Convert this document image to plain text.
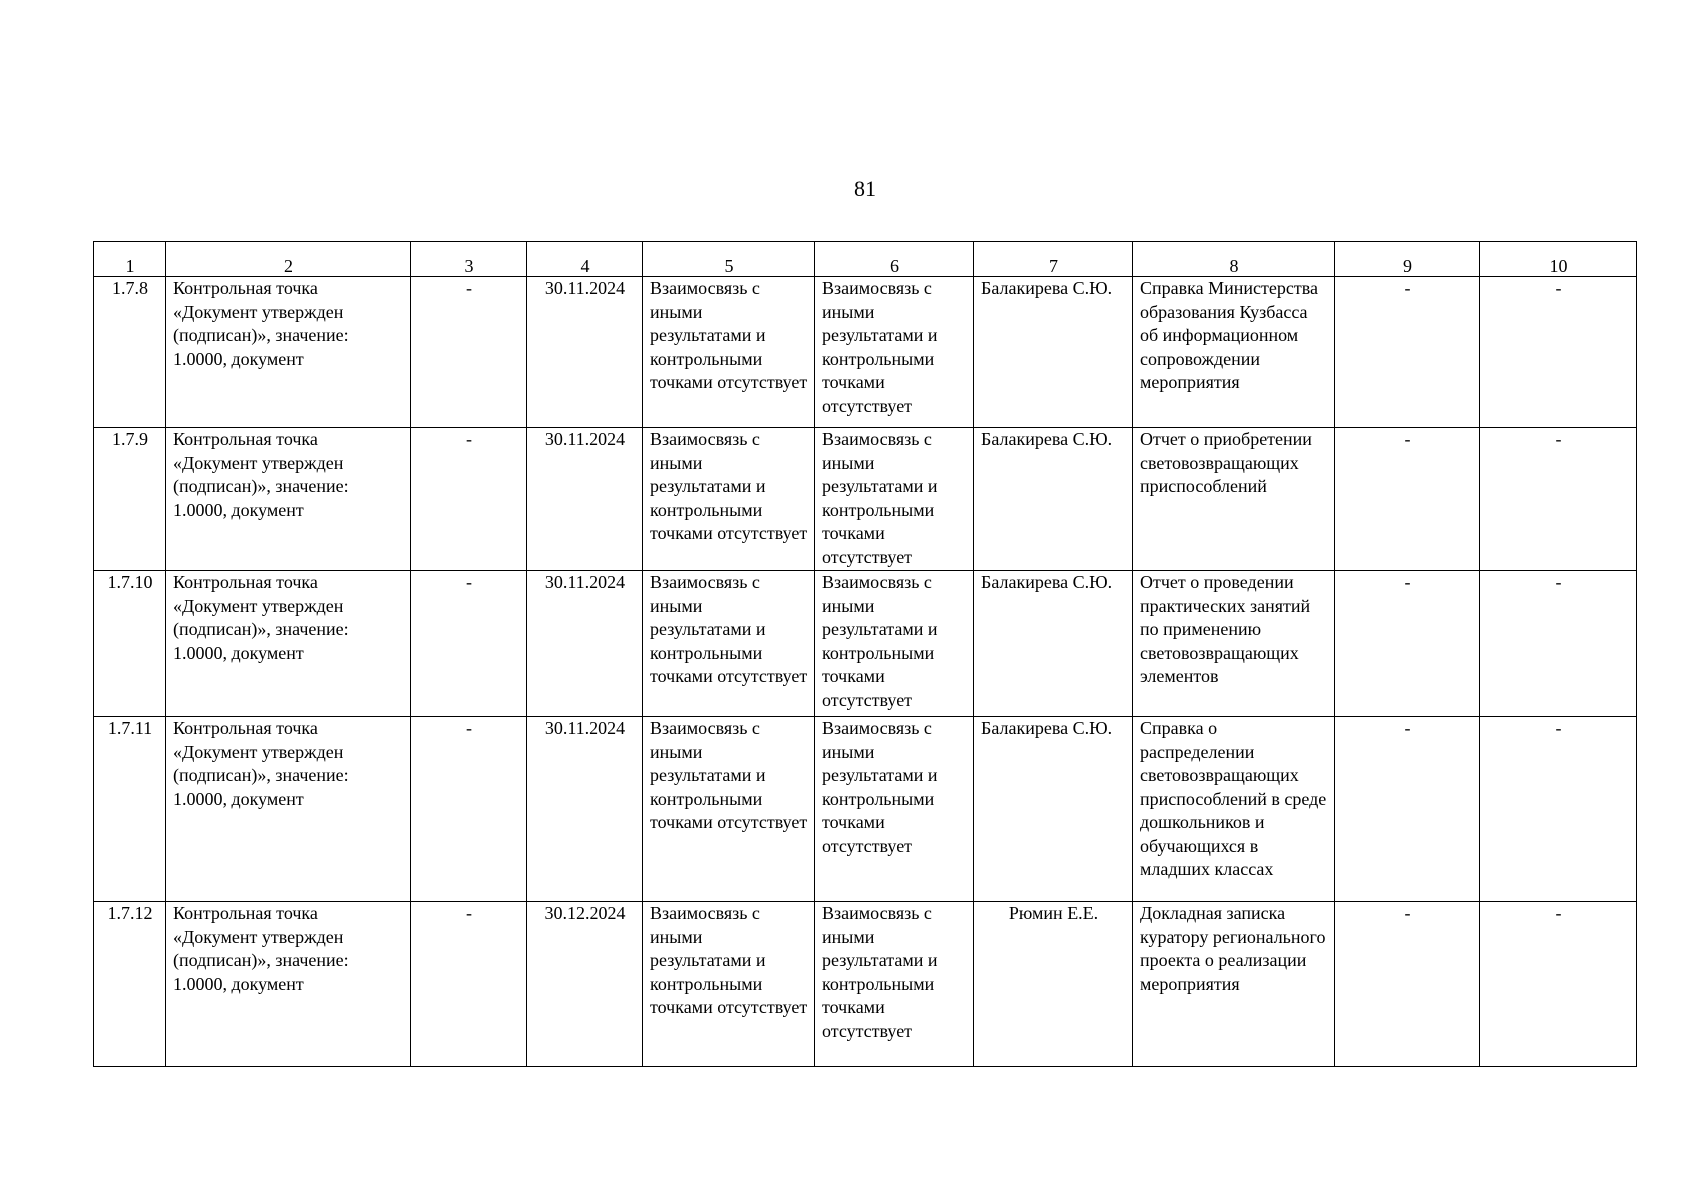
81
1	2	3	4	5	6	7	8	9	10
1.7.8	Контрольная точка «Документ утвержден (подписан)», значение: 1.0000, документ	-	30.11.2024	Взаимосвязь с иными результатами и контрольными точками отсутствует	Взаимосвязь с иными результатами и контрольными точками отсутствует	Балакирева С.Ю.	Справка Министерства образования Кузбасса об информационном сопровождении мероприятия	-	-
1.7.9	Контрольная точка «Документ утвержден (подписан)», значение: 1.0000, документ	-	30.11.2024	Взаимосвязь с иными результатами и контрольными точками отсутствует	Взаимосвязь с иными результатами и контрольными точками отсутствует	Балакирева С.Ю.	Отчет о приобретении световозвращающих приспособлений	-	-
1.7.10	Контрольная точка «Документ утвержден (подписан)», значение: 1.0000, документ	-	30.11.2024	Взаимосвязь с иными результатами и контрольными точками отсутствует	Взаимосвязь с иными результатами и контрольными точками отсутствует	Балакирева С.Ю.	Отчет о проведении практических занятий по применению световозвращающих элементов	-	-
1.7.11	Контрольная точка «Документ утвержден (подписан)», значение: 1.0000, документ	-	30.11.2024	Взаимосвязь с иными результатами и контрольными точками отсутствует	Взаимосвязь с иными результатами и контрольными точками отсутствует	Балакирева С.Ю.	Справка о распределении световозвращающих приспособлений в среде дошкольников и обучающихся в младших классах	-	-
1.7.12	Контрольная точка «Документ утвержден (подписан)», значение: 1.0000, документ	-	30.12.2024	Взаимосвязь с иными результатами и контрольными точками отсутствует	Взаимосвязь с иными результатами и контрольными точками отсутствует	Рюмин Е.Е.	Докладная записка куратору регионального проекта о реализации мероприятия	-	-
